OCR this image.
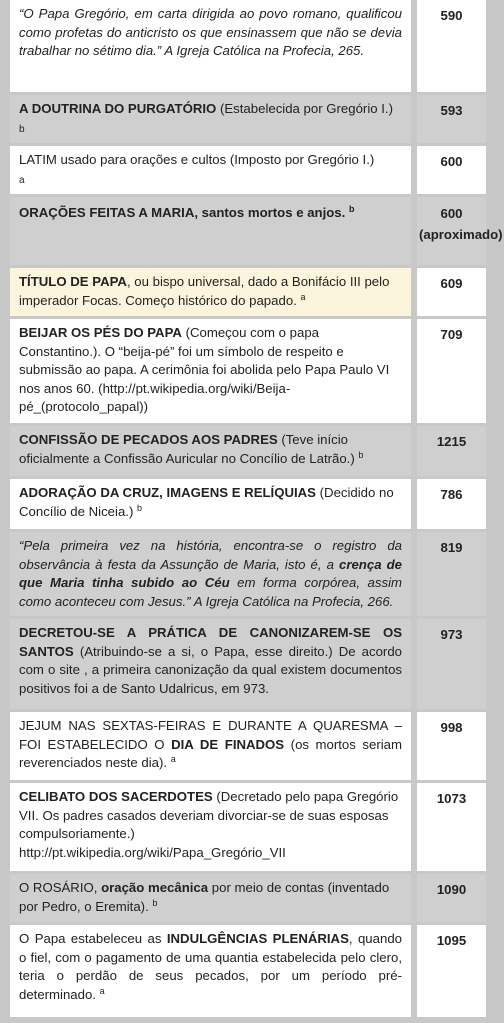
“O Papa Gregório, em carta dirigida ao povo romano, qualificou como profetas do anticristo os que ensinassem que não se devia trabalhar no sétimo dia.” A Igreja Católica na Profecia, 265.
590
A DOUTRINA DO PURGATÓRIO (Estabelecida por Gregório I.)
b
593
LATIM usado para orações e cultos (Imposto por Gregório I.)
a
600
ORAÇÕES FEITAS A MARIA, santos mortos e anjos. $^b$	600 (aproximado)
TÍTULO DE PAPA, ou bispo universal, dado a Bonifácio III pelo imperador Focas. Começo histórico do papado. $^a$
609
BEIJAR OS PÉS DO PAPA (Começou com o papa Constantino.). O “beija-pé” foi um símbolo de respeito e submissão ao papa. A cerimônia foi abolida pelo Papa Paulo VI nos anos 60. (http://pt.wikipedia.org/wiki/Beija-pé_(protocolo_papal))
709
CONFISSÃO DE PECADOS AOS PADRES (Teve início oficialmente a Confissão Auricular no Concílio de Latrão.) $^b$
1215
ADORAÇÃO DA CRUZ, IMAGENS E RELÍQUIAS (Decidido no Concílio de Niceia.) $^b$
786
“Pela primeira vez na história, encontra-se o registro da observância à festa da Assunção de Maria, isto é, a crença de que Maria tinha subido ao Céu em forma corpórea, assim como aconteceu com Jesus.” A Igreja Católica na Profecia, 266.
819
DECRETOU-SE A PRÁTICA DE CANONIZAREM-SE OS SANTOS (Atribuindo-se a si, o Papa, esse direito.) De acordo com o site , a primeira canonização da qual existem documentos positivos foi a de Santo Udalricus, em 973.
973
JEJUM NAS SEXTAS-FEIRAS E DURANTE A QUARESMA – FOI ESTABELECIDO O DIA DE FINADOS (os mortos seriam reverenciados neste dia). $^a$
998
CELIBATO DOS SACERDOTES (Decretado pelo papa Gregório VII. Os padres casados deveriam divorciar-se de suas esposas compulsoriamente.) http://pt.wikipedia.org/wiki/Papa_Gregório_VII
1073
O ROSÁRIO, oração mecânica por meio de contas (inventado por Pedro, o Eremita). $^b$
1090
O Papa estabeleceu as INDULGÊNCIAS PLENÁRIAS, quando o fiel, com o pagamento de uma quantia estabelecida pelo clero, teria o perdão de seus pecados, por um período pré-determinado. $^a$
1095
